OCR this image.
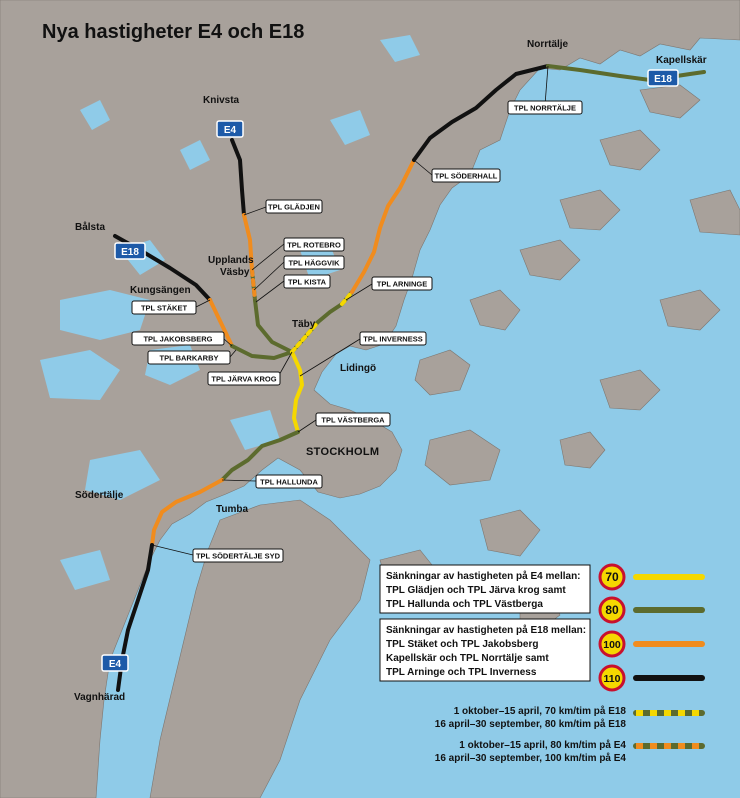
Nya hastigheter E4 och E18
E4
E18
E18
E4
Knivsta
Norrtälje
Kapellskär
Bålsta
Upplands
Väsby
Kungsängen
Täby
Lidingö
STOCKHOLM
Södertälje
Tumba
Vagnhärad
TPL GLÄDJEN
TPL ROTEBRO
TPL HÄGGVIK
TPL KISTA
TPL STÄKET
TPL JAKOBSBERG
TPL BARKARBY
TPL JÄRVA KROG
TPL ARNINGE
TPL INVERNESS
TPL VÄSTBERGA
TPL HALLUNDA
TPL SÖDERTÄLJE SYD
TPL SÖDERHALL
TPL NORRTÄLJE
Sänkningar av hastigheten på E4 mellan:
TPL Glädjen och TPL Järva krog samt
TPL Hallunda och TPL Västberga
Sänkningar av hastigheten på E18 mellan:
TPL Stäket och TPL Jakobsberg
Kapellskär och TPL Norrtälje samt
TPL Arninge och TPL Inverness
70
80
100
110
1 oktober–15 april, 70 km/tim på E18
16 april–30 september, 80 km/tim på E18
1 oktober–15 april, 80 km/tim på E4
16 april–30 september, 100 km/tim på E4
